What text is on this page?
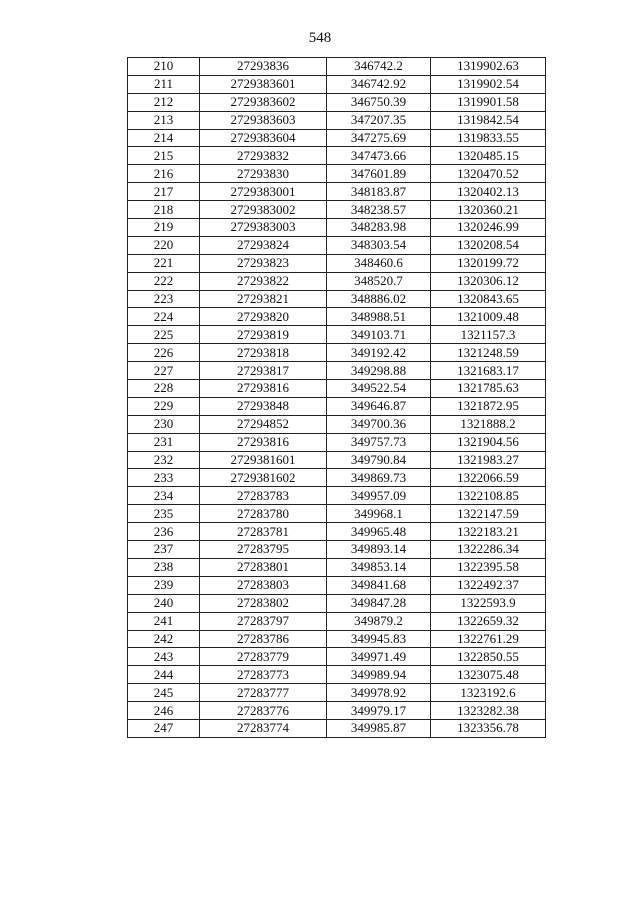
548
210	27293836	346742.2	1319902.63
211	2729383601	346742.92	1319902.54
212	2729383602	346750.39	1319901.58
213	2729383603	347207.35	1319842.54
214	2729383604	347275.69	1319833.55
215	27293832	347473.66	1320485.15
216	27293830	347601.89	1320470.52
217	2729383001	348183.87	1320402.13
218	2729383002	348238.57	1320360.21
219	2729383003	348283.98	1320246.99
220	27293824	348303.54	1320208.54
221	27293823	348460.6	1320199.72
222	27293822	348520.7	1320306.12
223	27293821	348886.02	1320843.65
224	27293820	348988.51	1321009.48
225	27293819	349103.71	1321157.3
226	27293818	349192.42	1321248.59
227	27293817	349298.88	1321683.17
228	27293816	349522.54	1321785.63
229	27293848	349646.87	1321872.95
230	27294852	349700.36	1321888.2
231	27293816	349757.73	1321904.56
232	2729381601	349790.84	1321983.27
233	2729381602	349869.73	1322066.59
234	27283783	349957.09	1322108.85
235	27283780	349968.1	1322147.59
236	27283781	349965.48	1322183.21
237	27283795	349893.14	1322286.34
238	27283801	349853.14	1322395.58
239	27283803	349841.68	1322492.37
240	27283802	349847.28	1322593.9
241	27283797	349879.2	1322659.32
242	27283786	349945.83	1322761.29
243	27283779	349971.49	1322850.55
244	27283773	349989.94	1323075.48
245	27283777	349978.92	1323192.6
246	27283776	349979.17	1323282.38
247	27283774	349985.87	1323356.78
